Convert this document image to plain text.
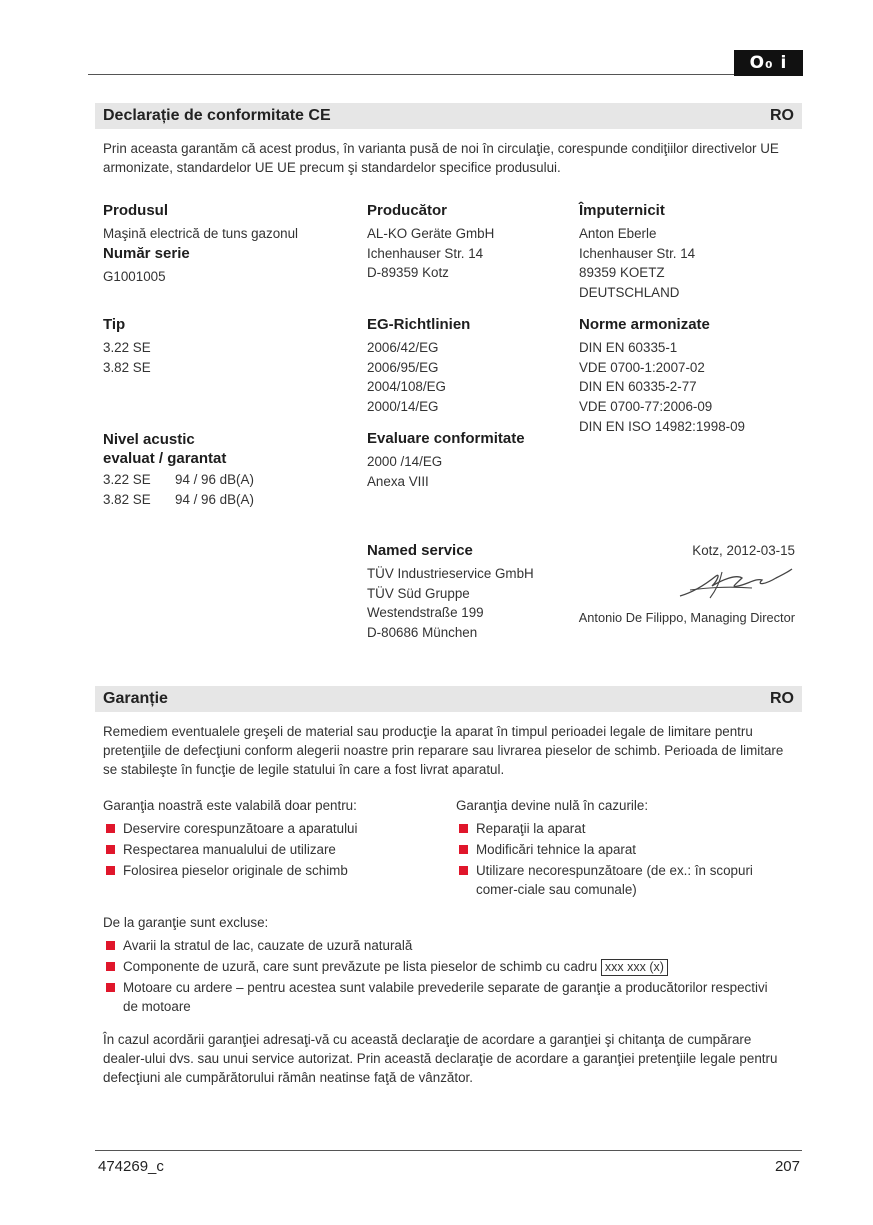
O₀ i
Declarație de conformitate CE	RO
Prin aceasta garantăm că acest produs, în varianta pusă de noi în circulaţie, corespunde condiţiilor directivelor UE armonizate, standardelor UE UE precum şi standardelor specifice produsului.
Produsul
Maşină electrică de tuns gazonul
Număr serie
G1001005
Producător
AL-KO Geräte GmbH
Ichenhauser Str. 14
D-89359 Kotz
Împuternicit
Anton Eberle
Ichenhauser Str. 14
89359 KOETZ
DEUTSCHLAND
Tip
3.22 SE
3.82 SE
EG-Richtlinien
2006/42/EG
2006/95/EG
2004/108/EG
2000/14/EG
Norme armonizate
DIN EN 60335-1
VDE 0700-1:2007-02
DIN EN 60335-2-77
VDE 0700-77:2006-09
DIN EN ISO 14982:1998-09
Nivel acustic
evaluat / garantat
3.22 SE 94 / 96 dB(A)
3.82 SE 94 / 96 dB(A)
Evaluare conformitate
2000 /14/EG
Anexa VIII
Named service
TÜV Industrieservice GmbH
TÜV Süd Gruppe
Westendstraße 199
D-80686 München
Kotz, 2012-03-15
Antonio De Filippo, Managing Director
Garanție	RO
Remediem eventualele greşeli de material sau producţie la aparat în timpul perioadei legale de limitare pentru pretenţiile de defecţiuni conform alegerii noastre prin reparare sau livrarea pieselor de schimb. Perioada de limitare se stabileşte în funcţie de legile statului în care a fost livrat aparatul.
Garanţia noastră este valabilă doar pentru:
Deservire corespunzătoare a aparatului
Respectarea manualului de utilizare
Folosirea pieselor originale de schimb
Garanţia devine nulă în cazurile:
Reparaţii la aparat
Modificări tehnice la aparat
Utilizare necorespunzătoare (de ex.: în scopuri comer-ciale sau comunale)
De la garanţie sunt excluse:
Avarii la stratul de lac, cauzate de uzură naturală
Componente de uzură, care sunt prevăzute pe lista pieselor de schimb cu cadru xxx xxx (x)
Motoare cu ardere – pentru acestea sunt valabile prevederile separate de garanţie a producătorilor respectivi de motoare
În cazul acordării garanţiei adresaţi-vă cu această declaraţie de acordare a garanţiei şi chitanţa de cumpărare dealer-ului dvs. sau unui service autorizat. Prin această declaraţie de acordare a garanţiei pretenţiile legale pentru defecţiuni ale cumpărătorului rămân neatinse faţă de vânzător.
474269_c	207
